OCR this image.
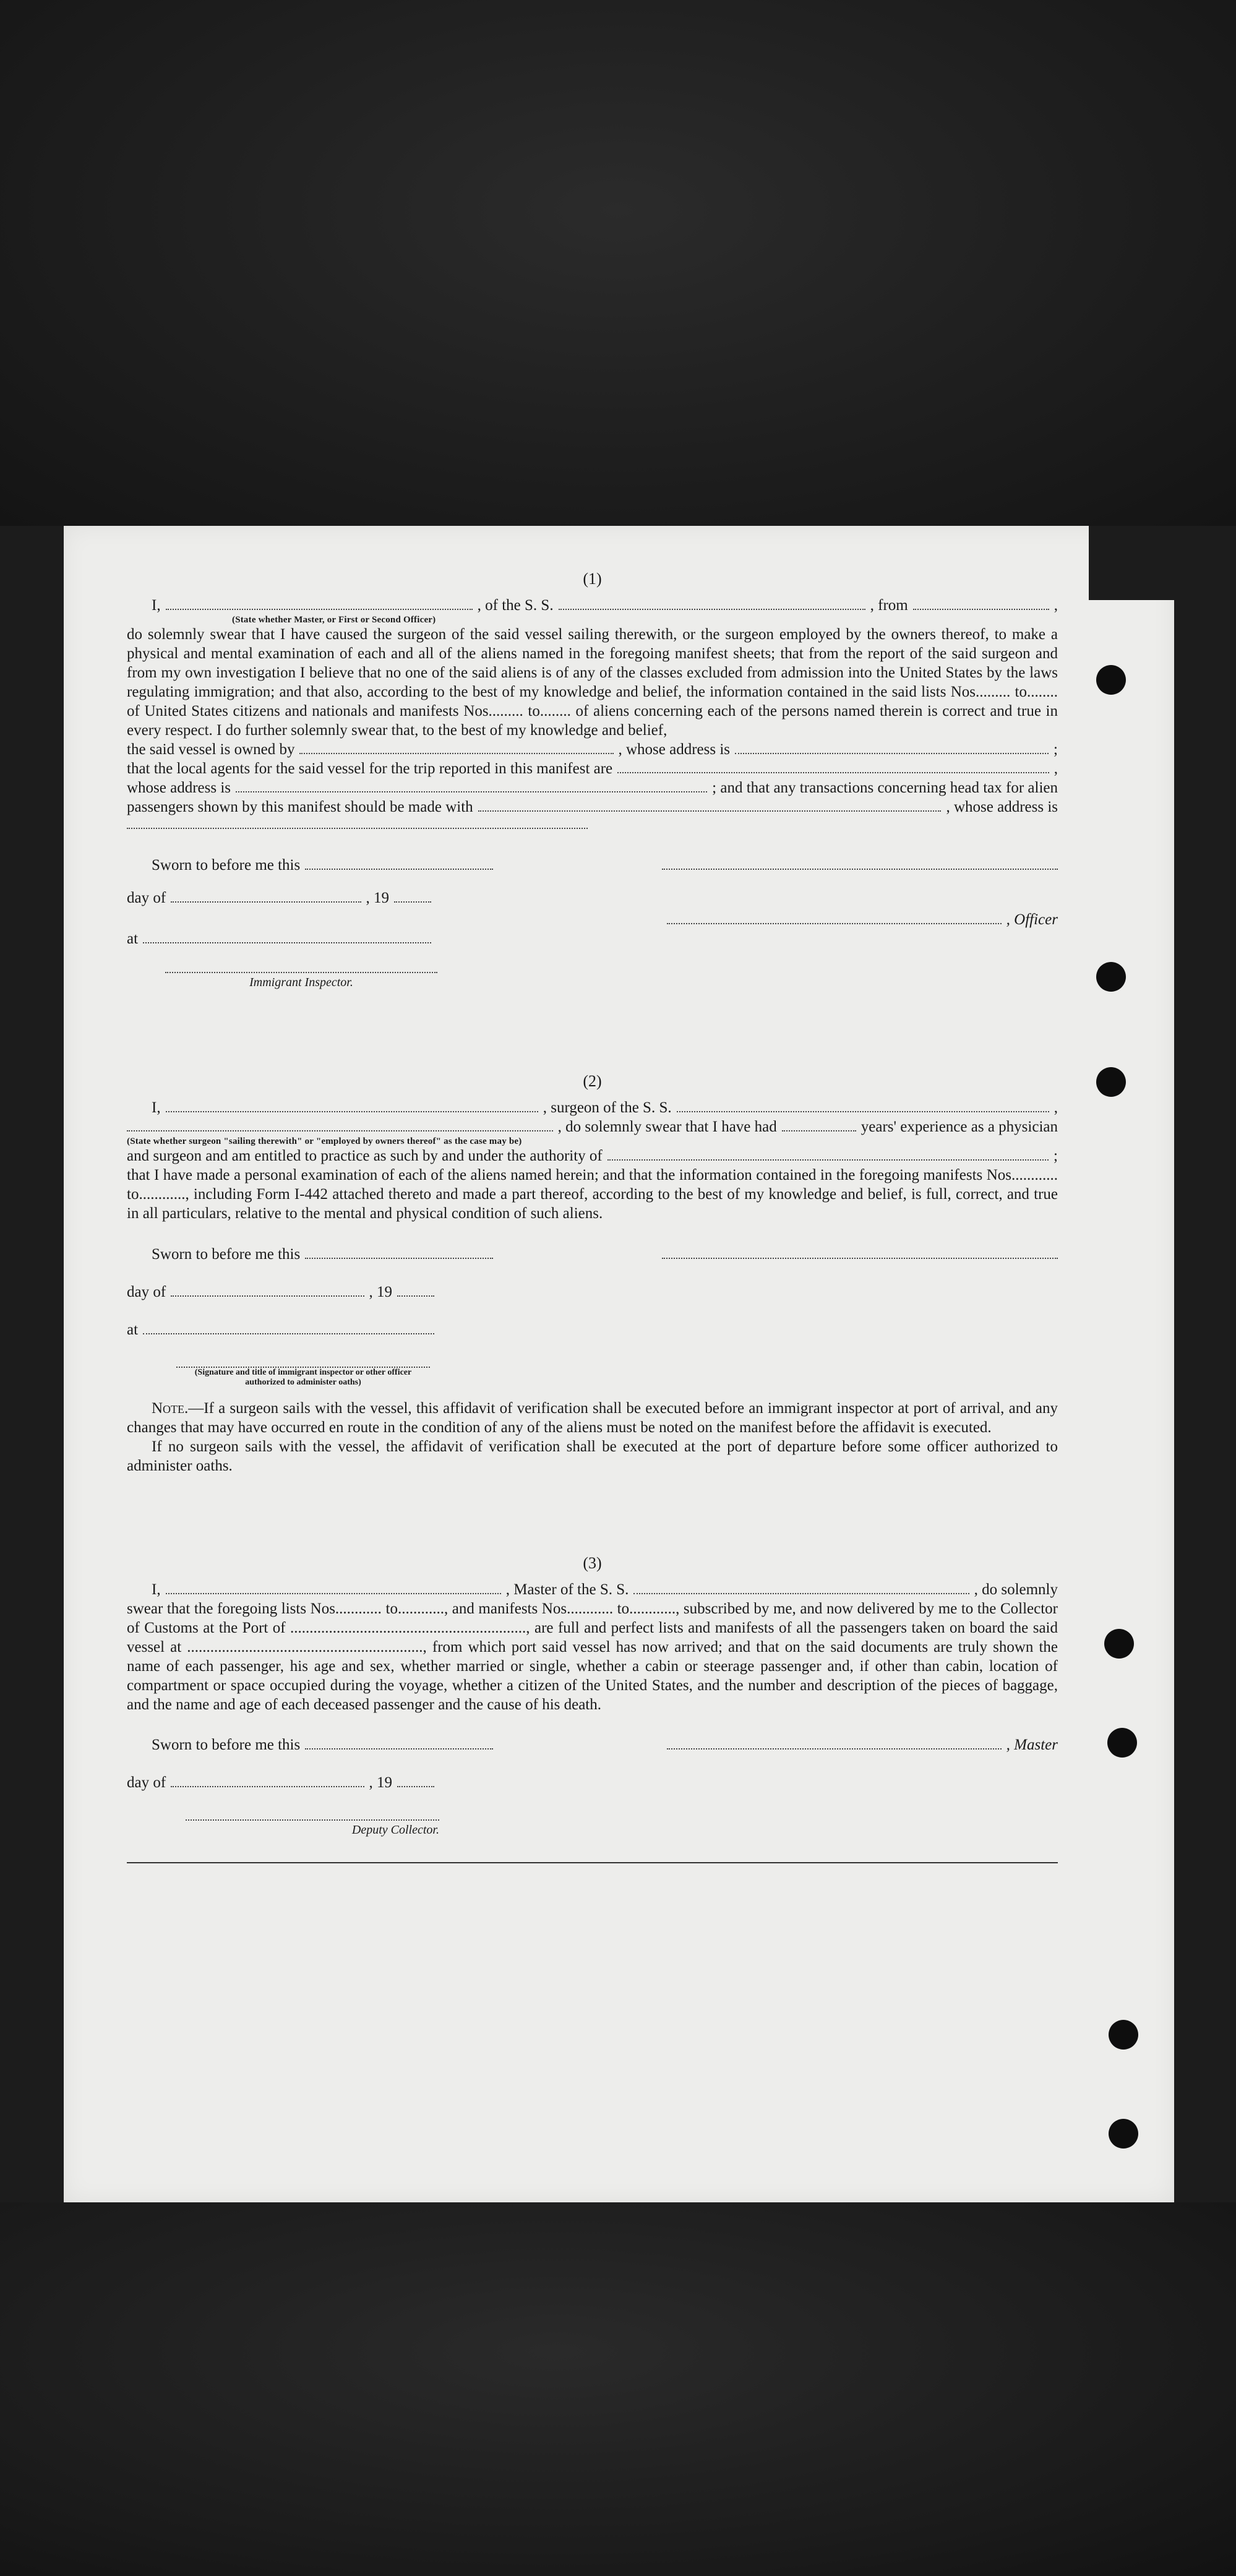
(1)
I,	, of the S. S.	, from	,
(State whether Master, or First or Second Officer)
do solemnly swear that I have caused the surgeon of the said vessel sailing therewith, or the surgeon employed by the owners thereof, to make a physical and mental examination of each and all of the aliens named in the foregoing manifest sheets; that from the report of the said surgeon and from my own investigation I believe that no one of the said aliens is of any of the classes excluded from admission into the United States by the laws regulating immigration; and that also, according to the best of my knowledge and belief, the information contained in the said lists Nos......... to........ of United States citizens and nationals and manifests Nos......... to........ of aliens concerning each of the persons named therein is correct and true in every respect. I do further solemnly swear that, to the best of my knowledge and belief,
the said vessel is owned by	, whose address is	;
that the local agents for the said vessel for the trip reported in this manifest are	,
whose address is	; and that any transactions concerning head tax for alien
passengers shown by this manifest should be made with	, whose address is
Sworn to before me this
day of	, 19
, Officer
at
Immigrant Inspector.
(2)
I,	, surgeon of the S. S.	,
, do solemnly swear that I have had	years' experience as a physician
(State whether surgeon "sailing therewith" or "employed by owners thereof" as the case may be)
and surgeon and am entitled to practice as such by and under the authority of	;
that I have made a personal examination of each of the aliens named herein; and that the information contained in the foregoing manifests Nos............ to............, including Form I-442 attached thereto and made a part thereof, according to the best of my knowledge and belief, is full, correct, and true in all particulars, relative to the mental and physical condition of such aliens.
Sworn to before me this
day of	, 19
at
(Signature and title of immigrant inspector or other officer authorized to administer oaths)
Note.—If a surgeon sails with the vessel, this affidavit of verification shall be executed before an immigrant inspector at port of arrival, and any changes that may have occurred en route in the condition of any of the aliens must be noted on the manifest before the affidavit is executed.
If no surgeon sails with the vessel, the affidavit of verification shall be executed at the port of departure before some officer authorized to administer oaths.
(3)
I,	, Master of the S. S.	, do solemnly
swear that the foregoing lists Nos............ to............, and manifests Nos............ to............, subscribed by me, and now delivered by me to the Collector of Customs at the Port of ............................................................., are full and perfect lists and manifests of all the passengers taken on board the said vessel at ............................................................., from which port said vessel has now arrived; and that on the said documents are truly shown the name of each passenger, his age and sex, whether married or single, whether a cabin or steerage passenger and, if other than cabin, location of compartment or space occupied during the voyage, whether a citizen of the United States, and the number and description of the pieces of baggage, and the name and age of each deceased passenger and the cause of his death.
Sworn to before me this	, Master
day of	, 19
Deputy Collector.
